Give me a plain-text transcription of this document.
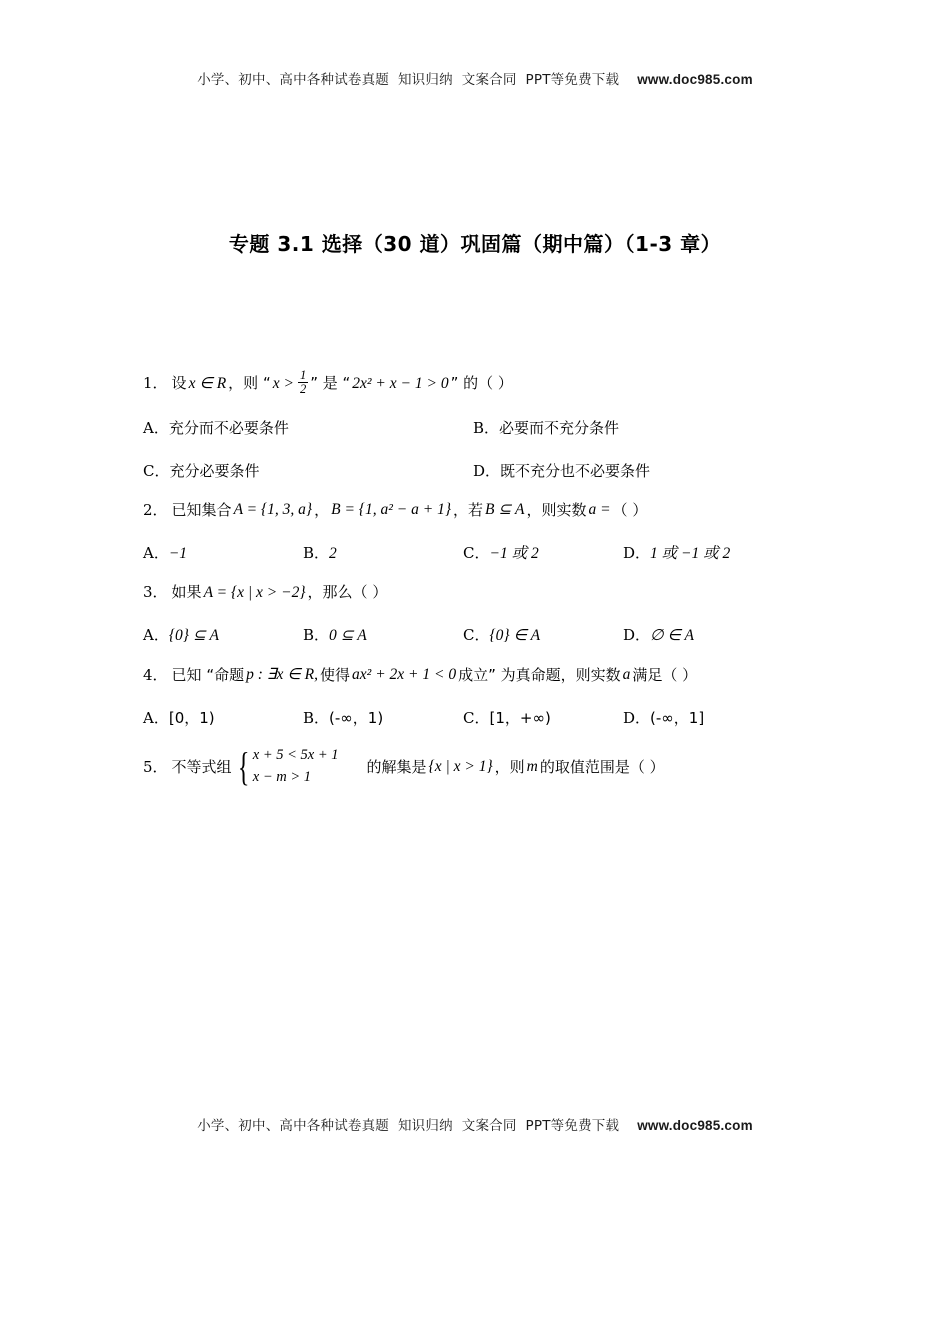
小学、初中、高中各种试卷真题  知识归纳  文案合同  PPT等免费下载 www.doc985.com
专题 3.1 选择（30 道）巩固篇（期中篇）（1-3 章）
1． 设 x ∈ R ，则 “ $x > \frac{1}{2}$ ” 是 “ 2x² + x − 1 > 0 ” 的（ ）
A．充分而不必要条件	B．必要而不充分条件
C．充分必要条件	D．既不充分也不必要条件
2． 已知集合 A = {1, 3, a} ， B = {1, a² − a + 1} ，若 B ⊆ A ，则实数 a = （ ）
A．−1	B．2	C．−1 或 2	D．1 或 −1 或 2
3． 如果 A = {x | x > −2} ，那么（ ）
A．{0} ⊆ A	B．0 ⊆ A	C．{0} ∈ A	D．∅ ∈ A
4． 已知 “命题 p : ∃x ∈ R, 使得 ax² + 2x + 1 < 0 成立” 为真命题，则实数 a 满足（ ）
A．[0，1)	B．(-∞，1)	C．[1，+∞)	D．(-∞，1]
5． 不等式组 { x + 5 < 5x + 1
x − m > 1
的解集是 {x | x > 1} ，则 m 的取值范围是（ ）
小学、初中、高中各种试卷真题  知识归纳  文案合同  PPT等免费下载 www.doc985.com
